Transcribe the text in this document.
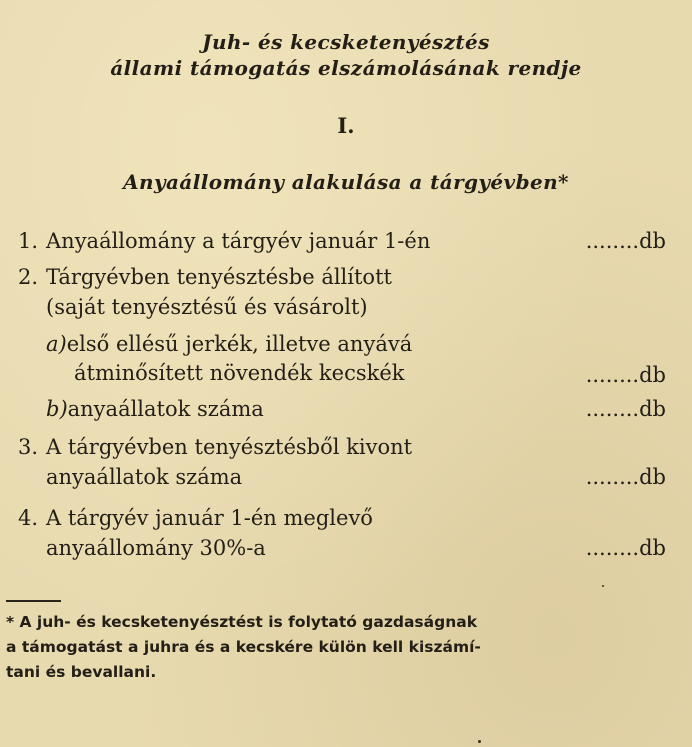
Juh- és kecsketenyésztés
állami támogatás elszámolásának rendje
I.
Anyaállomány alakulása a tárgyévben*
1. Anyaállomány a tárgyév január 1-én	........db
2. Tárgyévben tenyésztésbe állított
(saját tenyésztésű és vásárolt)
a)első ellésű jerkék, illetve anyává
átminősített növendék kecskék	........db
b)anyaállatok száma	........db
3. A tárgyévben tenyésztésből kivont
anyaállatok száma	........db
4. A tárgyév január 1-én meglevő
anyaállomány 30%-a	........db
* A juh- és kecsketenyésztést is folytató gazdaságnak
a támogatást a juhra és a kecskére külön kell kiszámí-
tani és bevallani.
